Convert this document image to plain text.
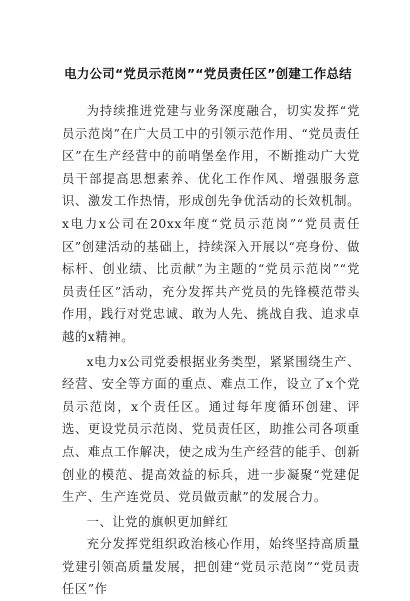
电力公司“党员示范岗”“党员责任区”创建工作总结

为持续推进党建与业务深度融合，切实发挥“党员示范岗”在广大员工中的引领示范作用、“党员责任区”在生产经营中的前哨堡垒作用，不断推动广大党员干部提高思想素养、优化工作作风、增强服务意识、激发工作热情，形成创先争优活动的长效机制。x电力x公司在20xx年度“党员示范岗”“党员责任区”创建活动的基础上，持续深入开展以“亮身份、做标杆、创业绩、比贡献”为主题的“党员示范岗”“党员责任区”活动，充分发挥共产党员的先锋模范带头作用，践行对党忠诚、敢为人先、挑战自我、追求卓越的x精神。

x电力x公司党委根据业务类型，紧紧围绕生产、经营、安全等方面的重点、难点工作，设立了x个党员示范岗，x个责任区。通过每年度循环创建、评选、更设党员示范岗、党员责任区，助推公司各项重点、难点工作解决，使之成为生产经营的能手、创新创业的模范、提高效益的标兵，进一步凝聚“党建促生产、生产连党员、党员做贡献”的发展合力。

一、让党的旗帜更加鲜红

充分发挥党组织政治核心作用，始终坚持高质量党建引领高质量发展，把创建“党员示范岗”“党员责任区”作
